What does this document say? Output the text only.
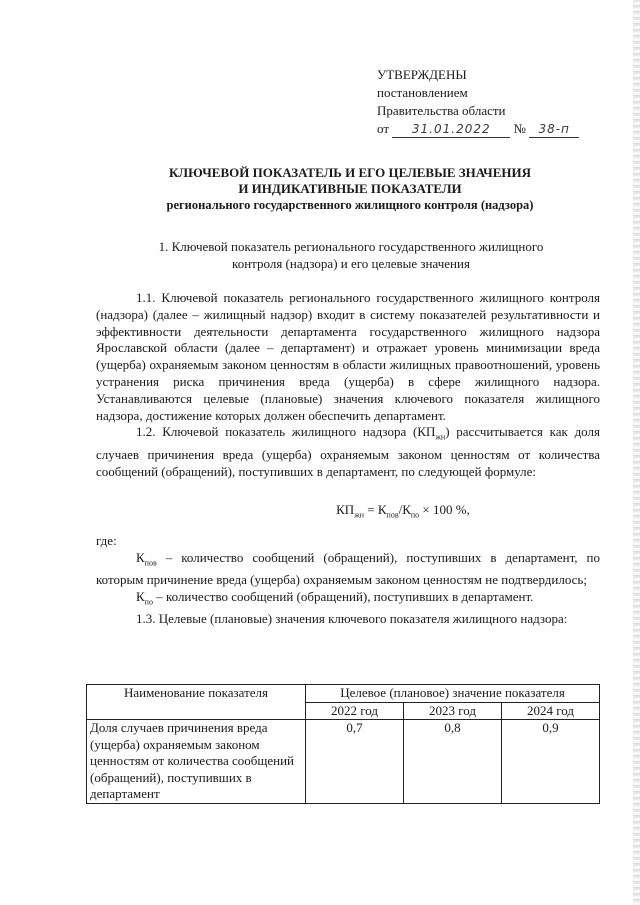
УТВЕРЖДЕНЫ
постановлением
Правительства области
от 31.01.2022 № 38-п
КЛЮЧЕВОЙ ПОКАЗАТЕЛЬ И ЕГО ЦЕЛЕВЫЕ ЗНАЧЕНИЯ
И ИНДИКАТИВНЫЕ ПОКАЗАТЕЛИ
регионального государственного жилищного контроля (надзора)
1. Ключевой показатель регионального государственного жилищного
контроля (надзора) и его целевые значения

1.1. Ключевой показатель регионального государственного жилищного контроля (надзора) (далее – жилищный надзор) входит в систему показателей результативности и эффективности деятельности департамента государственного жилищного надзора Ярославской области (далее – департамент) и отражает уровень минимизации вреда (ущерба) охраняемым законом ценностям в области жилищных правоотношений, уровень устранения риска причинения вреда (ущерба) в сфере жилищного надзора. Устанавливаются целевые (плановые) значения ключевого показателя жилищного надзора, достижение которых должен обеспечить департамент.

1.2. Ключевой показатель жилищного надзора $(КП_{жн})$ рассчитывается как доля случаев причинения вреда (ущерба) охраняемым законом ценностям от количества сообщений (обращений), поступивших в департамент, по следующей формуле:

$КП_{жн} = К_{пов}/К_{по} \times 100$ %,

где:

$К_{пов}$ – количество сообщений (обращений), поступивших в департамент, по которым причинение вреда (ущерба) охраняемым законом ценностям не подтвердилось;

$К_{по}$ – количество сообщений (обращений), поступивших в департамент.

1.3. Целевые (плановые) значения ключевого показателя жилищного надзора:

Наименование показателя	Целевое (плановое) значение показателя		
	2022 год	2023 год	2024 год
Доля случаев причинения вреда (ущерба) охраняемым законом ценностям от количества сообщений (обращений), поступивших в департамент	0,7	0,8	0,9
